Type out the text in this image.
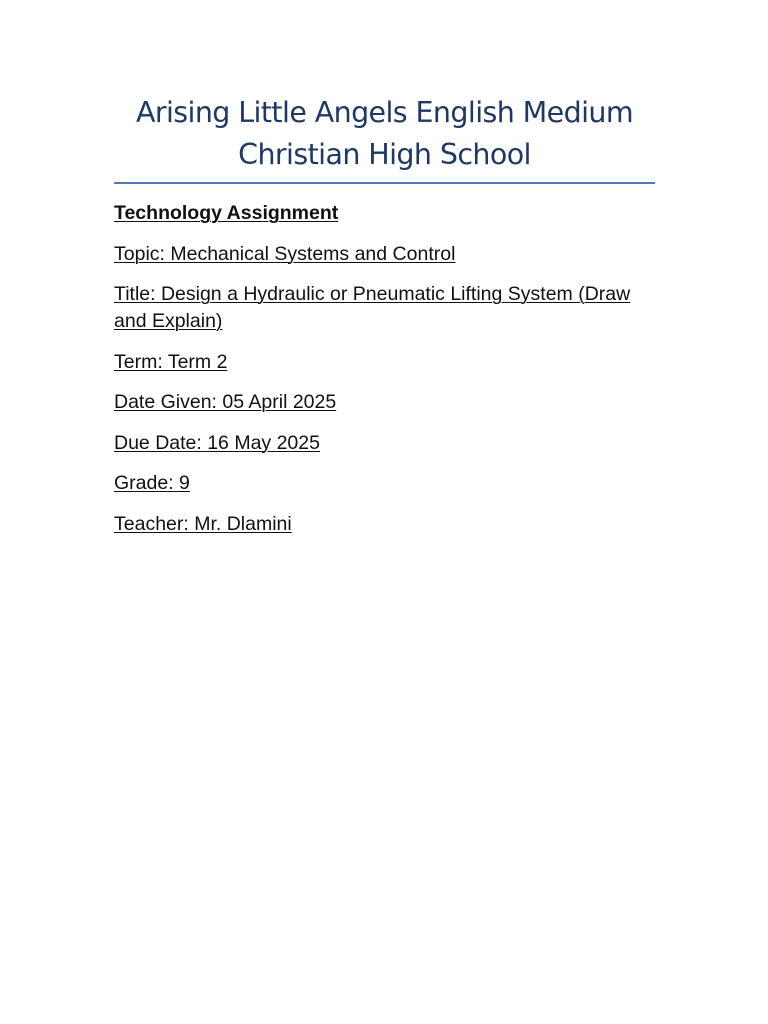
Arising Little Angels English Medium Christian High School

Technology Assignment

Topic: Mechanical Systems and Control

Title: Design a Hydraulic or Pneumatic Lifting System (Draw and Explain)

Term: Term 2

Date Given: 05 April 2025

Due Date: 16 May 2025

Grade: 9

Teacher: Mr. Dlamini
